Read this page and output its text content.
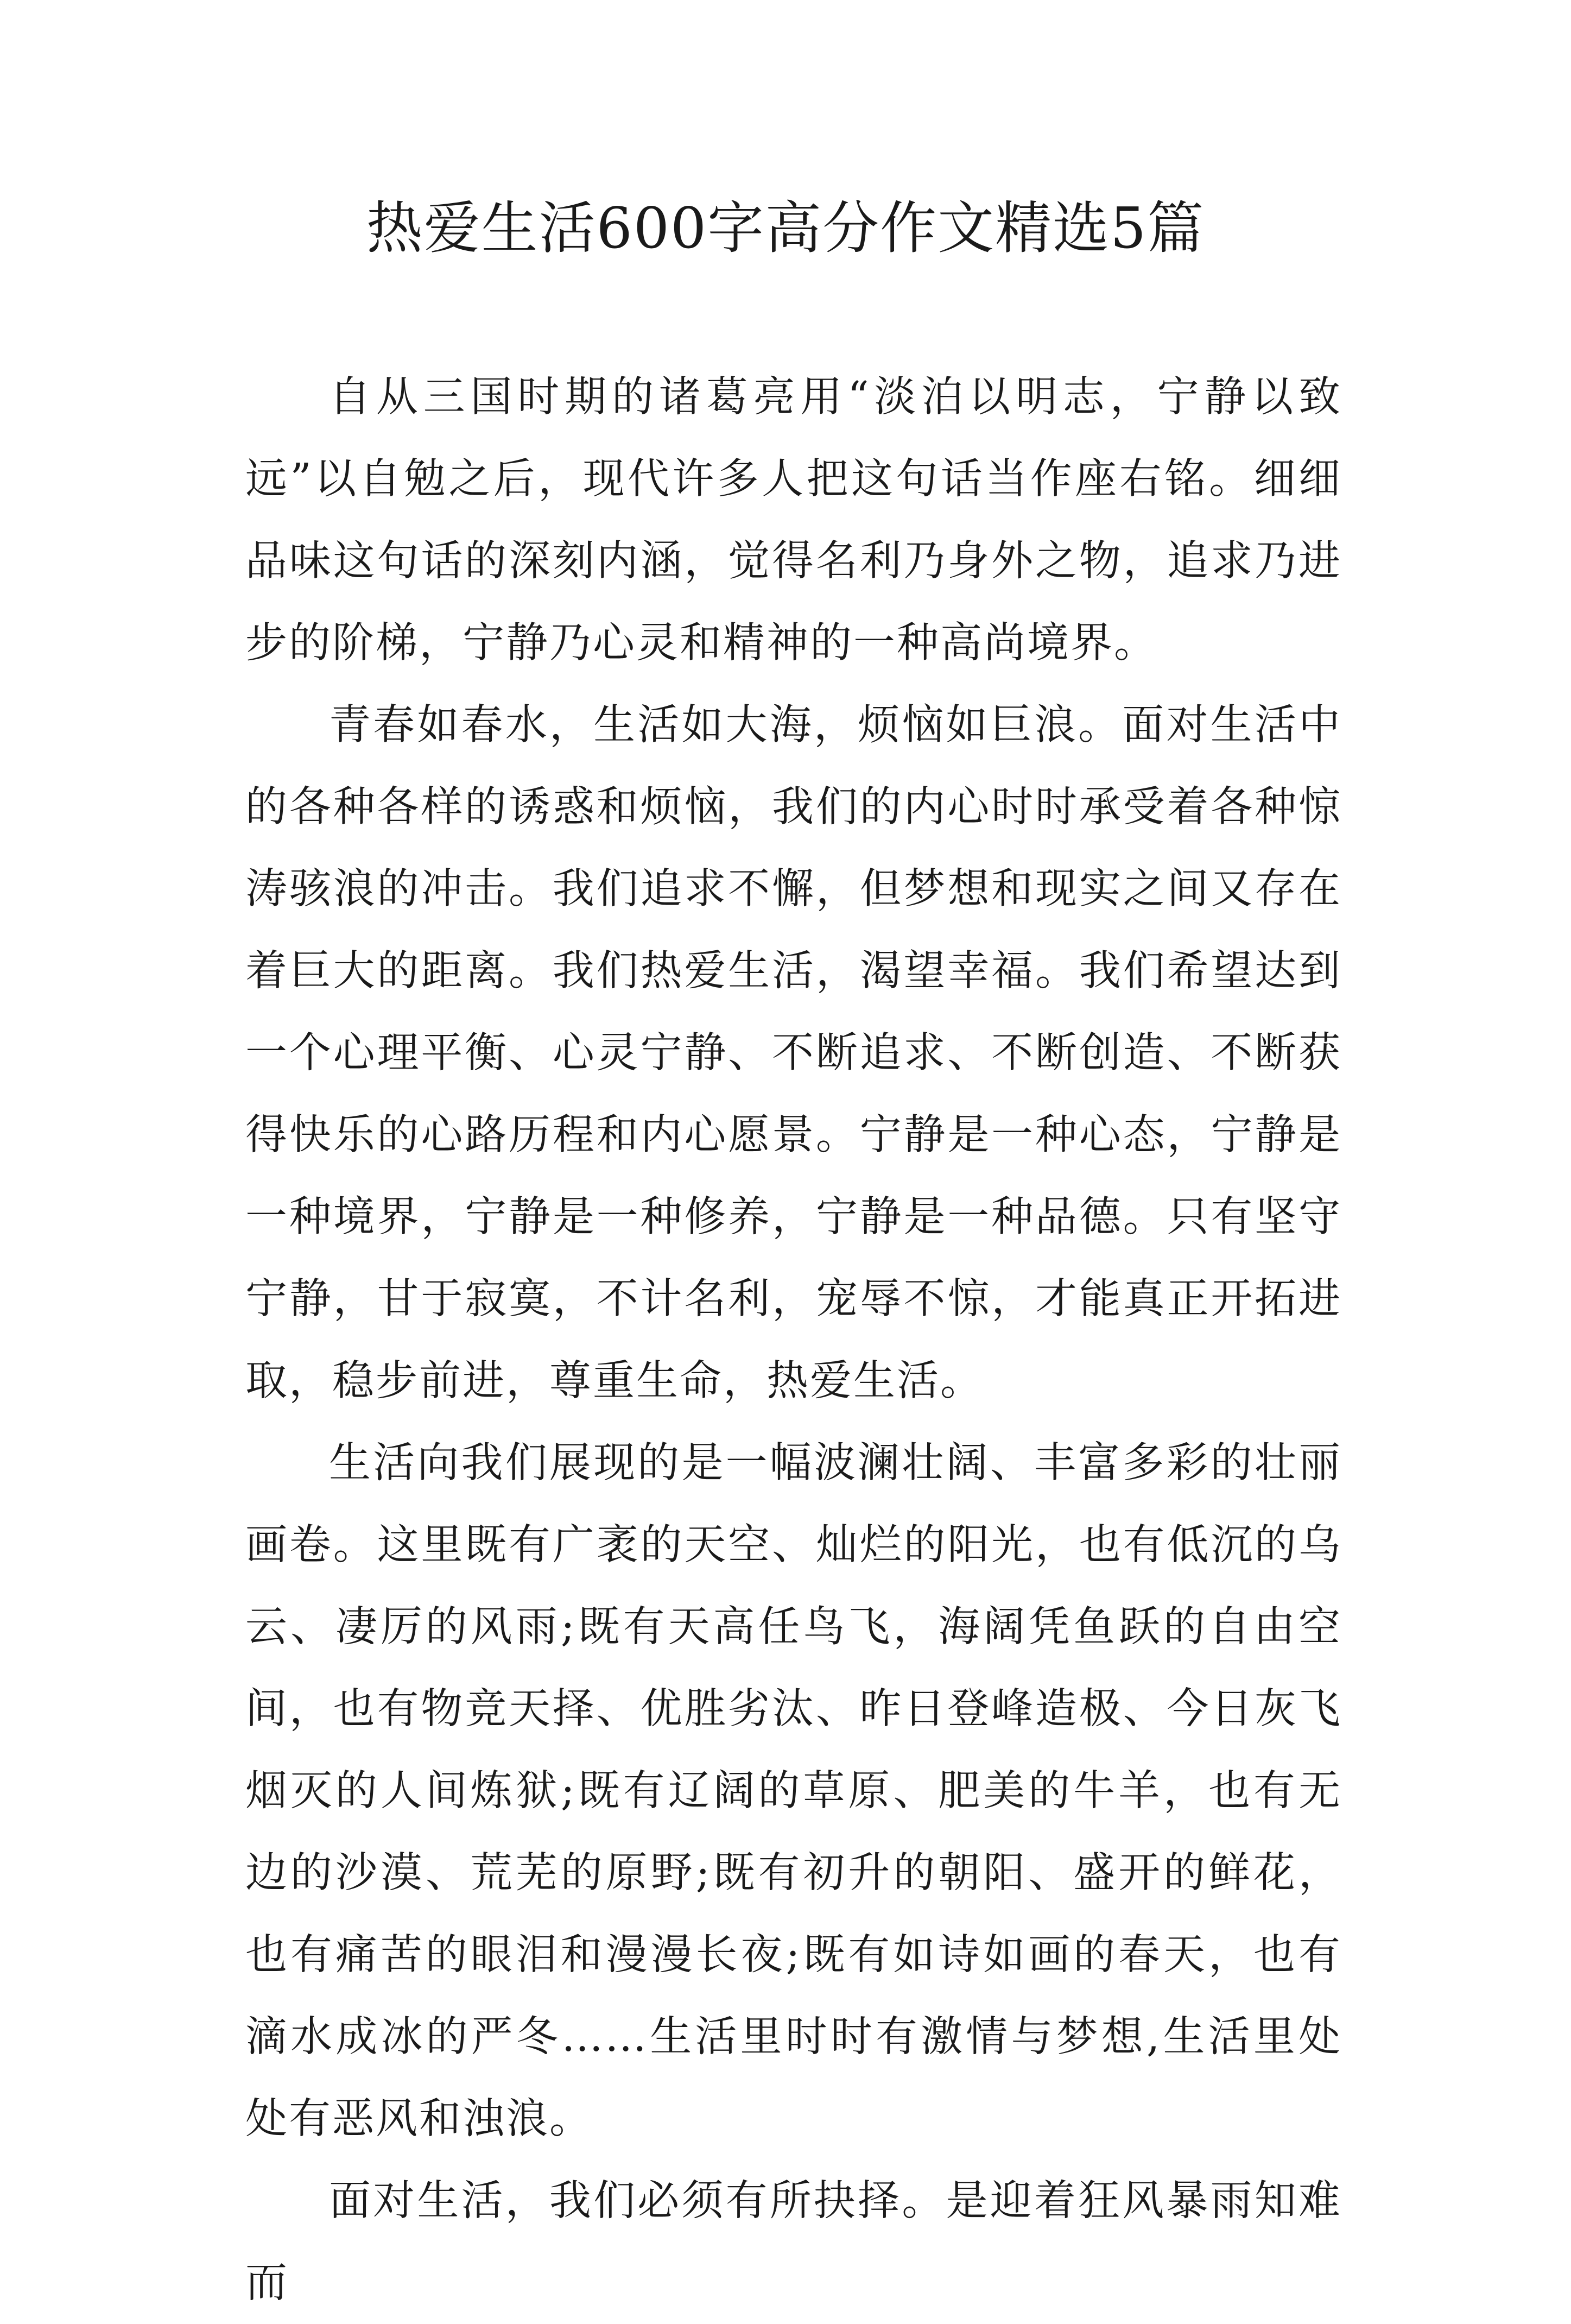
热爱生活600字高分作文精选5篇

自从三国时期的诸葛亮用“淡泊以明志，宁静以致远”以自勉之后，现代许多人把这句话当作座右铭。细细品味这句话的深刻内涵，觉得名利乃身外之物，追求乃进步的阶梯，宁静乃心灵和精神的一种高尚境界。

青春如春水，生活如大海，烦恼如巨浪。面对生活中的各种各样的诱惑和烦恼，我们的内心时时承受着各种惊涛骇浪的冲击。我们追求不懈，但梦想和现实之间又存在着巨大的距离。我们热爱生活，渴望幸福。我们希望达到一个心理平衡、心灵宁静、不断追求、不断创造、不断获得快乐的心路历程和内心愿景。宁静是一种心态，宁静是一种境界，宁静是一种修养，宁静是一种品德。只有坚守宁静，甘于寂寞，不计名利，宠辱不惊，才能真正开拓进取，稳步前进，尊重生命，热爱生活。

生活向我们展现的是一幅波澜壮阔、丰富多彩的壮丽画卷。这里既有广袤的天空、灿烂的阳光，也有低沉的乌云、凄厉的风雨;既有天高任鸟飞，海阔凭鱼跃的自由空间，也有物竞天择、优胜劣汰、昨日登峰造极、今日灰飞烟灭的人间炼狱;既有辽阔的草原、肥美的牛羊，也有无边的沙漠、荒芜的原野;既有初升的朝阳、盛开的鲜花，也有痛苦的眼泪和漫漫长夜;既有如诗如画的春天，也有滴水成冰的严冬……生活里时时有激情与梦想,生活里处处有恶风和浊浪。

面对生活，我们必须有所抉择。是迎着狂风暴雨知难而
